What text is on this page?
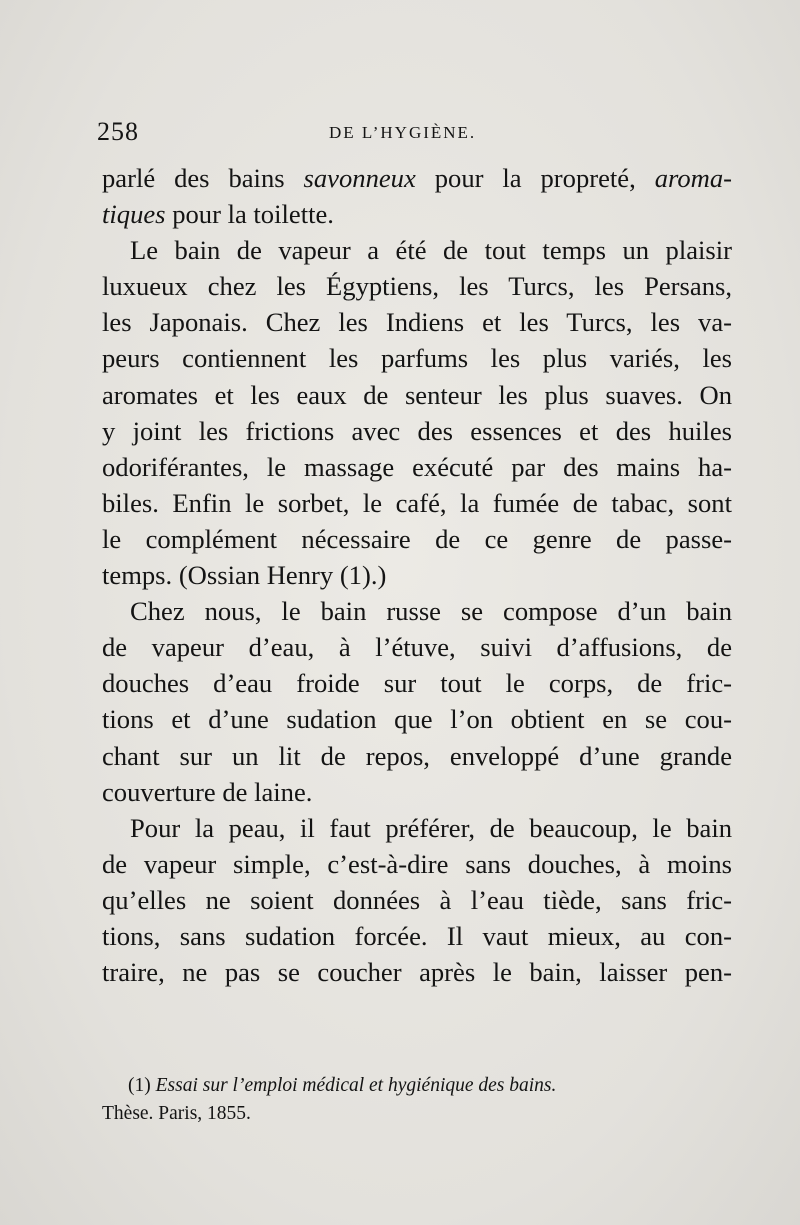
258	DE L’HYGIÈNE.
parlé des bains savonneux pour la propreté, aroma-
tiques pour la toilette.
Le bain de vapeur a été de tout temps un plaisir
luxueux chez les Égyptiens, les Turcs, les Persans,
les Japonais. Chez les Indiens et les Turcs, les va-
peurs contiennent les parfums les plus variés, les
aromates et les eaux de senteur les plus suaves. On
y joint les frictions avec des essences et des huiles
odoriférantes, le massage exécuté par des mains ha-
biles. Enfin le sorbet, le café, la fumée de tabac, sont
le complément nécessaire de ce genre de passe-
temps. (Ossian Henry (1).)
Chez nous, le bain russe se compose d’un bain
de vapeur d’eau, à l’étuve, suivi d’affusions, de
douches d’eau froide sur tout le corps, de fric-
tions et d’une sudation que l’on obtient en se cou-
chant sur un lit de repos, enveloppé d’une grande
couverture de laine.
Pour la peau, il faut préférer, de beaucoup, le bain
de vapeur simple, c’est-à-dire sans douches, à moins
qu’elles ne soient données à l’eau tiède, sans fric-
tions, sans sudation forcée. Il vaut mieux, au con-
traire, ne pas se coucher après le bain, laisser pen-
(1) Essai sur l’emploi médical et hygiénique des bains.
Thèse. Paris, 1855.
